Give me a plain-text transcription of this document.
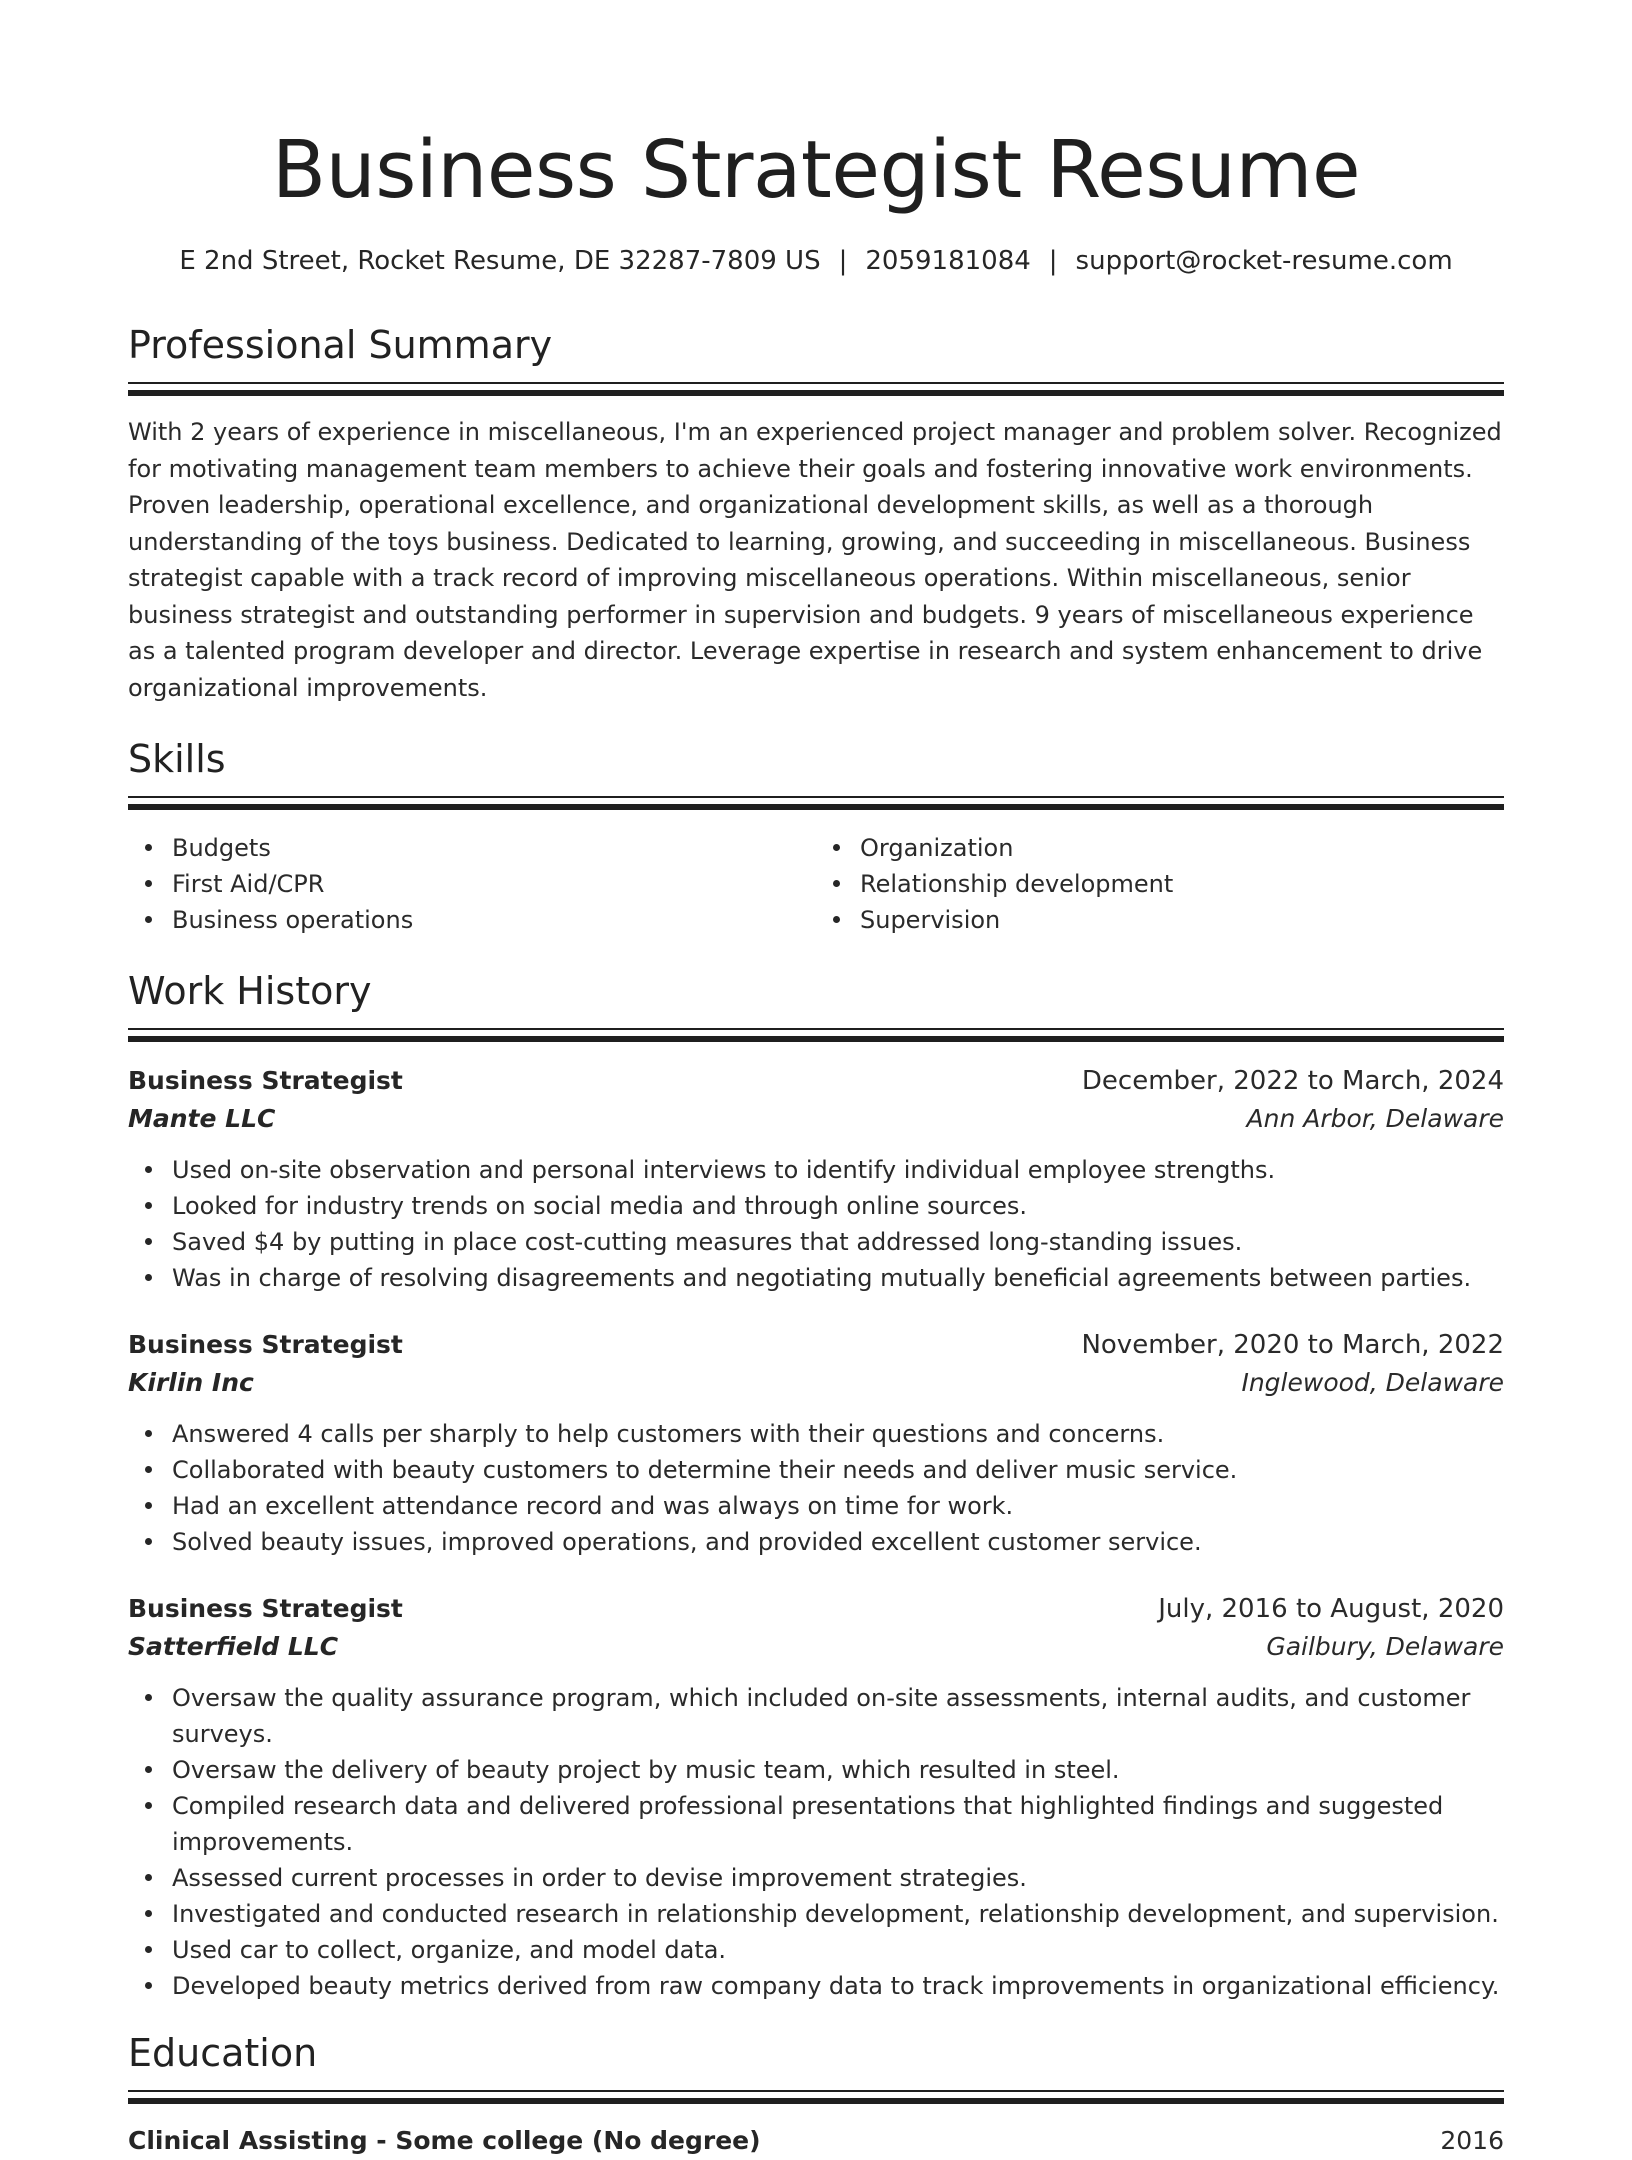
Business Strategist Resume
E 2nd Street, Rocket Resume, DE 32287-7809 US | 2059181084 | support@rocket-resume.com
Professional Summary

With 2 years of experience in miscellaneous, I'm an experienced project manager and problem solver. Recognized for motivating management team members to achieve their goals and fostering innovative work environments. Proven leadership, operational excellence, and organizational development skills, as well as a thorough understanding of the toys business. Dedicated to learning, growing, and succeeding in miscellaneous. Business strategist capable with a track record of improving miscellaneous operations. Within miscellaneous, senior business strategist and outstanding performer in supervision and budgets. 9 years of miscellaneous experience as a talented program developer and director. Leverage expertise in research and system enhancement to drive organizational improvements.

Skills
Budgets
First Aid/CPR
Business operations
Organization
Relationship development
Supervision
Work History
Business Strategist	December, 2022 to March, 2024
Mante LLC	Ann Arbor, Delaware
Used on-site observation and personal interviews to identify individual employee strengths.
Looked for industry trends on social media and through online sources.
Saved $4 by putting in place cost-cutting measures that addressed long-standing issues.
Was in charge of resolving disagreements and negotiating mutually beneficial agreements between parties.
Business Strategist	November, 2020 to March, 2022
Kirlin Inc	Inglewood, Delaware
Answered 4 calls per sharply to help customers with their questions and concerns.
Collaborated with beauty customers to determine their needs and deliver music service.
Had an excellent attendance record and was always on time for work.
Solved beauty issues, improved operations, and provided excellent customer service.
Business Strategist	July, 2016 to August, 2020
Satterfield LLC	Gailbury, Delaware
Oversaw the quality assurance program, which included on-site assessments, internal audits, and customer surveys.
Oversaw the delivery of beauty project by music team, which resulted in steel.
Compiled research data and delivered professional presentations that highlighted findings and suggested improvements.
Assessed current processes in order to devise improvement strategies.
Investigated and conducted research in relationship development, relationship development, and supervision.
Used car to collect, organize, and model data.
Developed beauty metrics derived from raw company data to track improvements in organizational efficiency.
Education
Clinical Assisting - Some college (No degree)	2016
